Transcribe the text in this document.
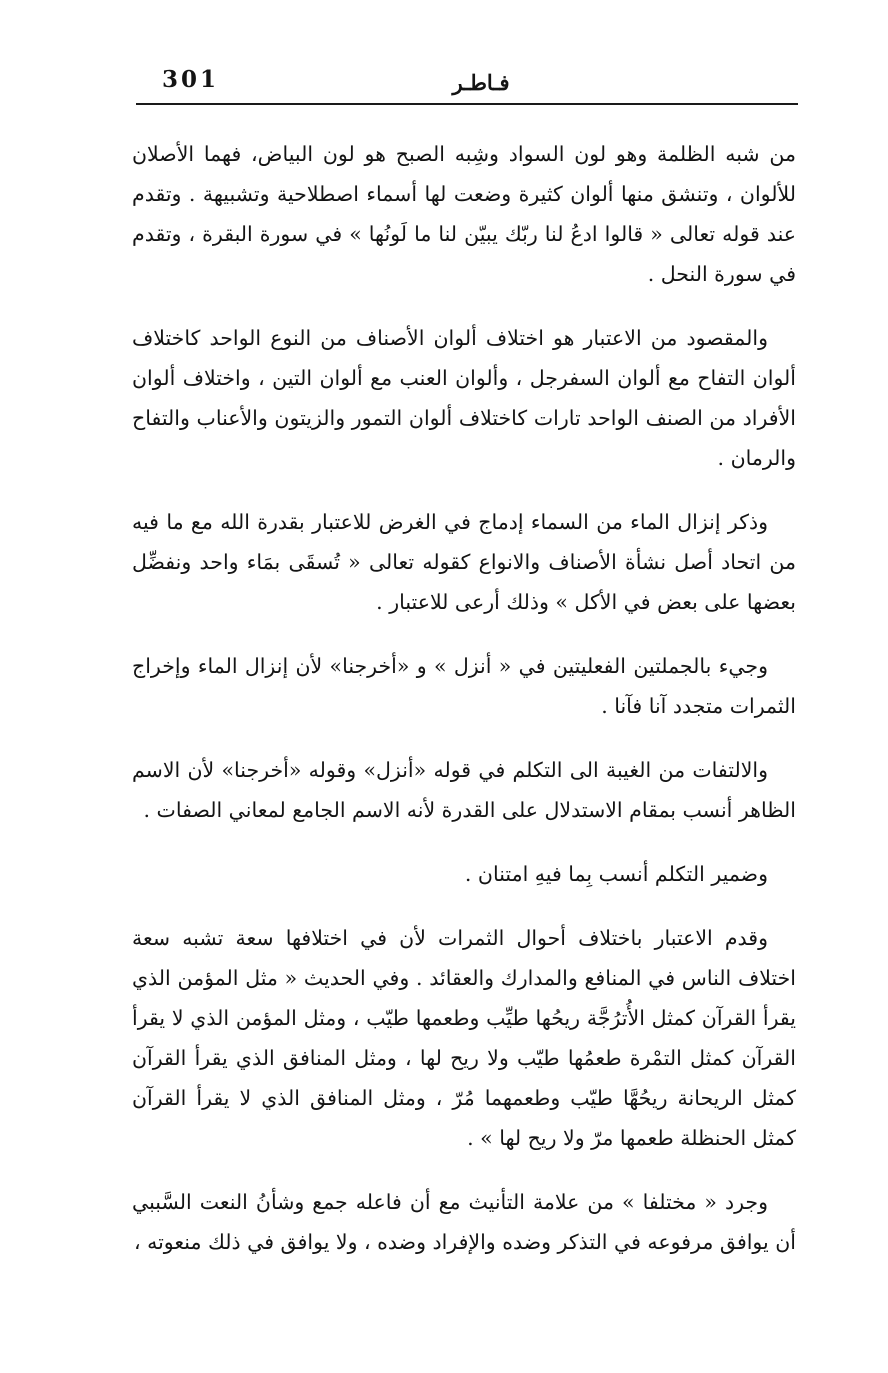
301	فـاطـر

من شبه الظلمة وهو لون السواد وشِبه الصبح هو لون البياض، فهما الأصلان للألوان ، وتنشق منها ألوان كثيرة وضعت لها أسماء اصطلاحية وتشبيهة . وتقدم عند قوله تعالى « قالوا ادعُ لنا ربّك يبيّن لنا ما لَونُها » في سورة البقرة ، وتقدم في سورة النحل .

والمقصود من الاعتبار هو اختلاف ألوان الأصناف من النوع الواحد كاختلاف ألوان التفاح مع ألوان السفرجل ، وألوان العنب مع ألوان التين ، واختلاف ألوان الأفراد من الصنف الواحد تارات كاختلاف ألوان التمور والزيتون والأعناب والتفاح والرمان .

وذكر إنزال الماء من السماء إدماج في الغرض للاعتبار بقدرة الله مع ما فيه من اتحاد أصل نشأة الأصناف والانواع كقوله تعالى « تُسقَى بمَاء واحد ونفضِّل بعضها على بعض في الأكل » وذلك أرعى للاعتبار .

وجيء بالجملتين الفعليتين في « أنزل » و «أخرجنا» لأن إنزال الماء وإخراج الثمرات متجدد آنا فآنا .

والالتفات من الغيبة الى التكلم في قوله «أنزل» وقوله «أخرجنا» لأن الاسم الظاهر أنسب بمقام الاستدلال على القدرة لأنه الاسم الجامع لمعاني الصفات .

وضمير التكلم أنسب بِما فيهِ امتنان .

وقدم الاعتبار باختلاف أحوال الثمرات لأن في اختلافها سعة تشبه سعة اختلاف الناس في المنافع والمدارك والعقائد . وفي الحديث « مثل المؤمن الذي يقرأ القرآن كمثل الأُترُجَّة ريحُها طيِّب وطعمها طيّب ، ومثل المؤمن الذي لا يقرأ القرآن كمثل التمْرة طعمُها طيّب ولا ريح لها ، ومثل المنافق الذي يقرأ القرآن كمثل الريحانة ريحُهَّا طيّب وطعمهما مُرّ ، ومثل المنافق الذي لا يقرأ القرآن كمثل الحنظلة طعمها مرّ ولا ريح لها » .

وجرد « مختلفا » من علامة التأنيث مع أن فاعله جمع وشأنُ النعت السَّببي أن يوافق مرفوعه في التذكر وضده والإفراد وضده ، ولا يوافق في ذلك منعوته ،
